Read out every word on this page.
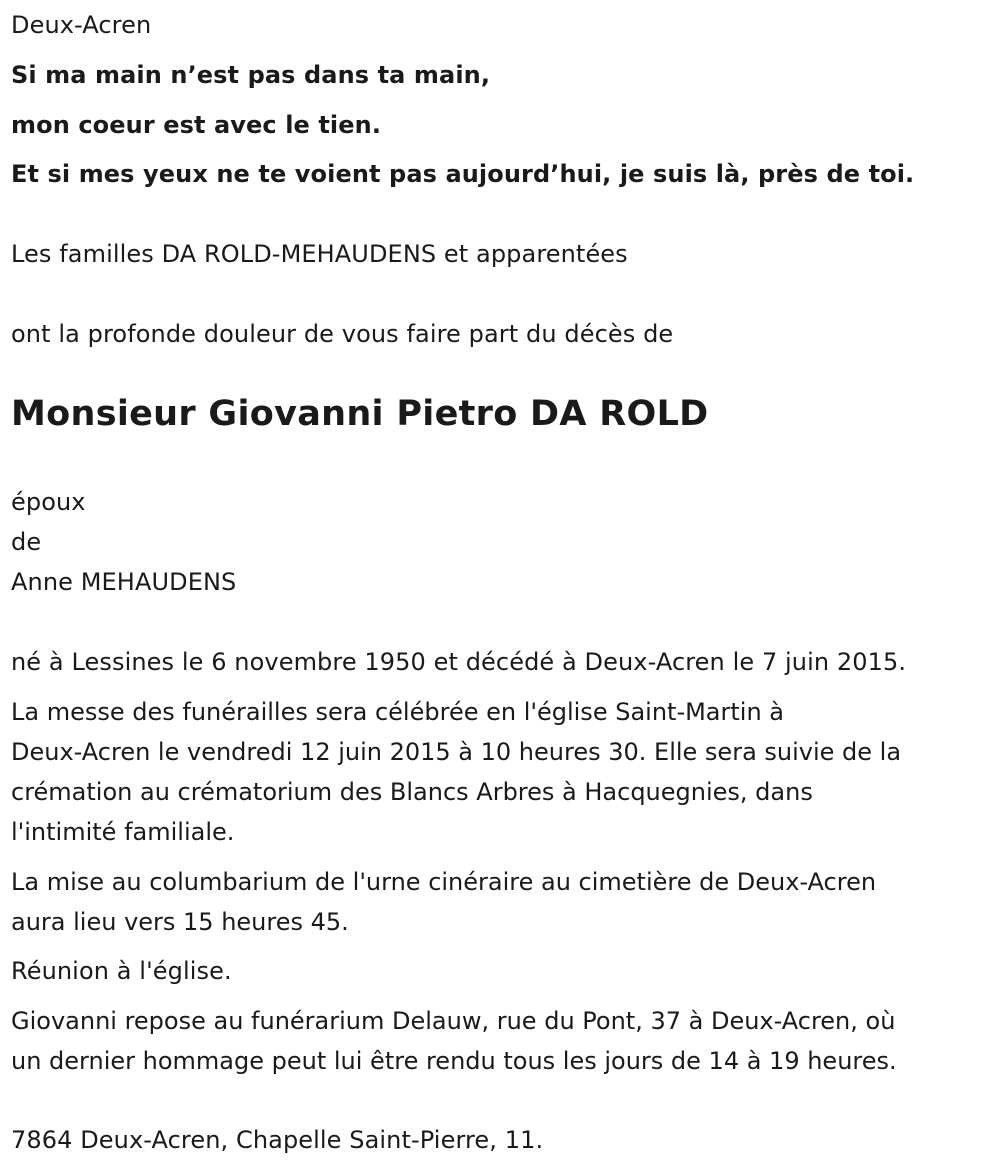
Deux-Acren
Si ma main n’est pas dans ta main,
mon coeur est avec le tien.
Et si mes yeux ne te voient pas aujourd’hui, je suis là, près de toi.
Les familles DA ROLD-MEHAUDENS et apparentées
ont la profonde douleur de vous faire part du décès de
Monsieur Giovanni Pietro DA ROLD
époux
de
Anne MEHAUDENS
né à Lessines le 6 novembre 1950 et décédé à Deux-Acren le 7 juin 2015.
La messe des funérailles sera célébrée en l'église Saint-Martin à
Deux-Acren le vendredi 12 juin 2015 à 10 heures 30. Elle sera suivie de la
crémation au crématorium des Blancs Arbres à Hacquegnies, dans
l'intimité familiale.
La mise au columbarium de l'urne cinéraire au cimetière de Deux-Acren
aura lieu vers 15 heures 45.
Réunion à l'église.
Giovanni repose au funérarium Delauw, rue du Pont, 37 à Deux-Acren, où
un dernier hommage peut lui être rendu tous les jours de 14 à 19 heures.
7864 Deux-Acren, Chapelle Saint-Pierre, 11.
